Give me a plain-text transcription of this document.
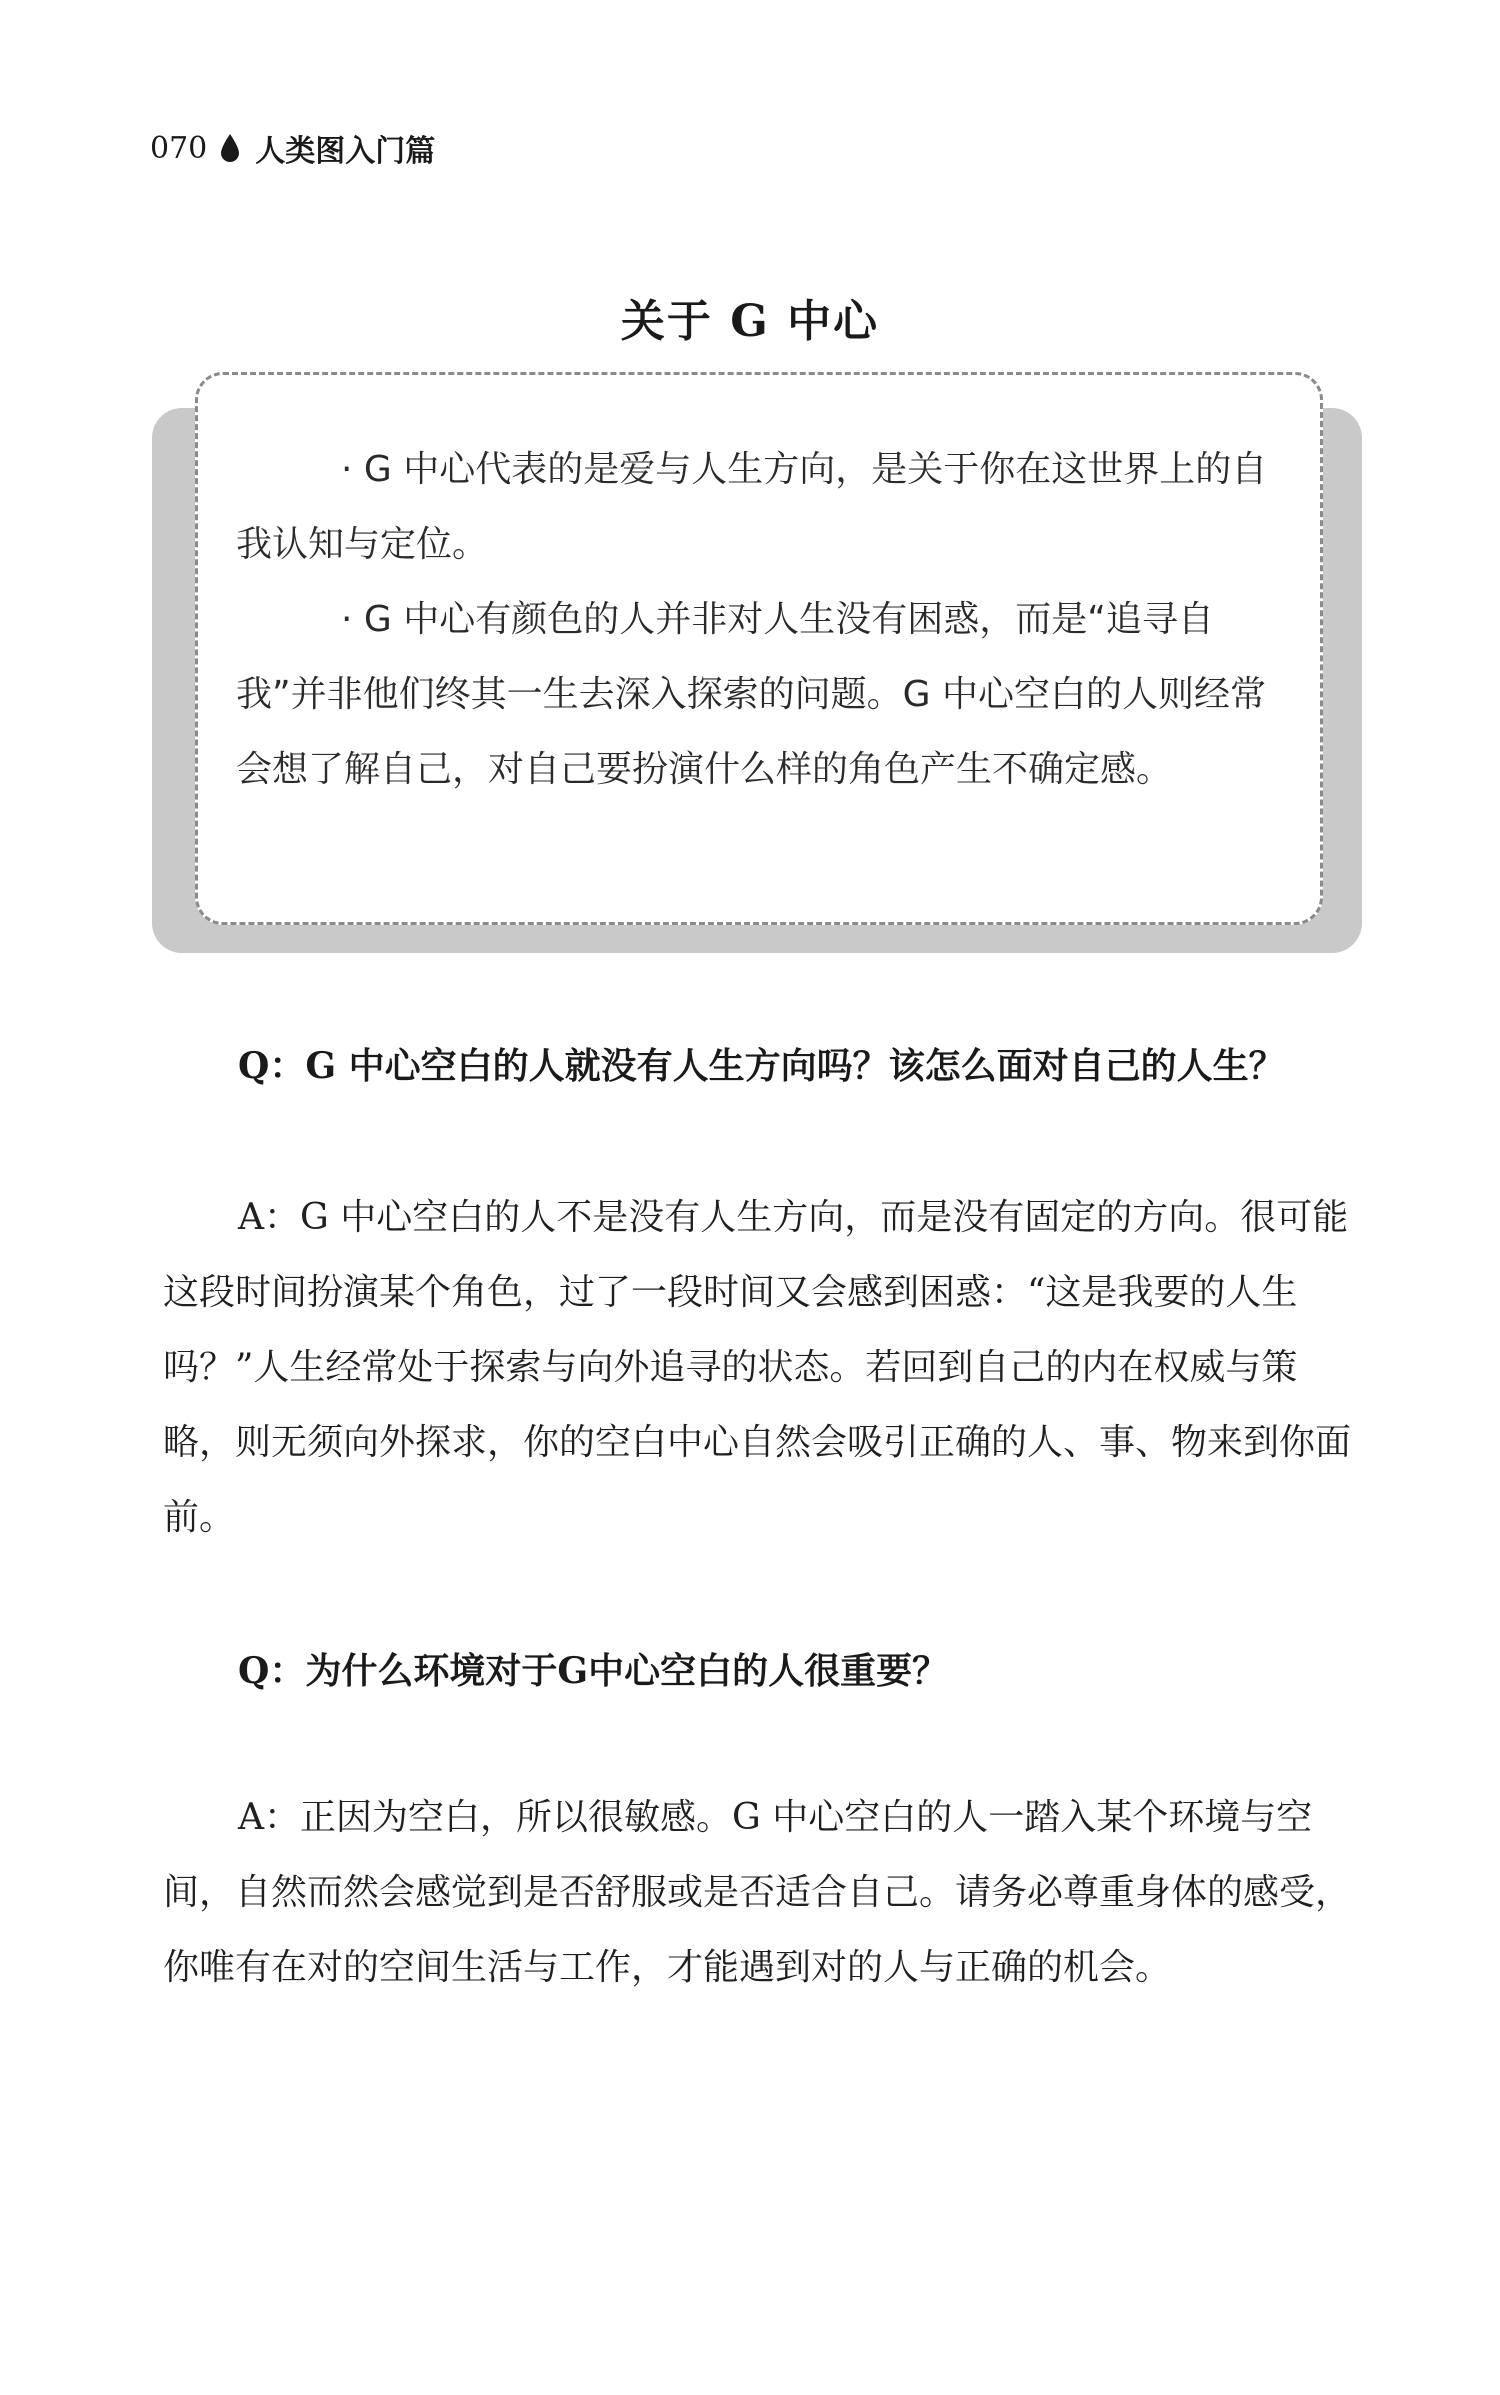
070 人类图入门篇
关于 G 中心

· G 中心代表的是爱与人生方向，是关于你在这世界上的自我认知与定位。

· G 中心有颜色的人并非对人生没有困惑，而是“追寻自我”并非他们终其一生去深入探索的问题。G 中心空白的人则经常会想了解自己，对自己要扮演什么样的角色产生不确定感。

Q：G 中心空白的人就没有人生方向吗？该怎么面对自己的人生？

A：G 中心空白的人不是没有人生方向，而是没有固定的方向。很可能这段时间扮演某个角色，过了一段时间又会感到困惑：“这是我要的人生吗？”人生经常处于探索与向外追寻的状态。若回到自己的内在权威与策略，则无须向外探求，你的空白中心自然会吸引正确的人、事、物来到你面前。

Q：为什么环境对于G中心空白的人很重要？

A：正因为空白，所以很敏感。G 中心空白的人一踏入某个环境与空间，自然而然会感觉到是否舒服或是否适合自己。请务必尊重身体的感受，你唯有在对的空间生活与工作，才能遇到对的人与正确的机会。
